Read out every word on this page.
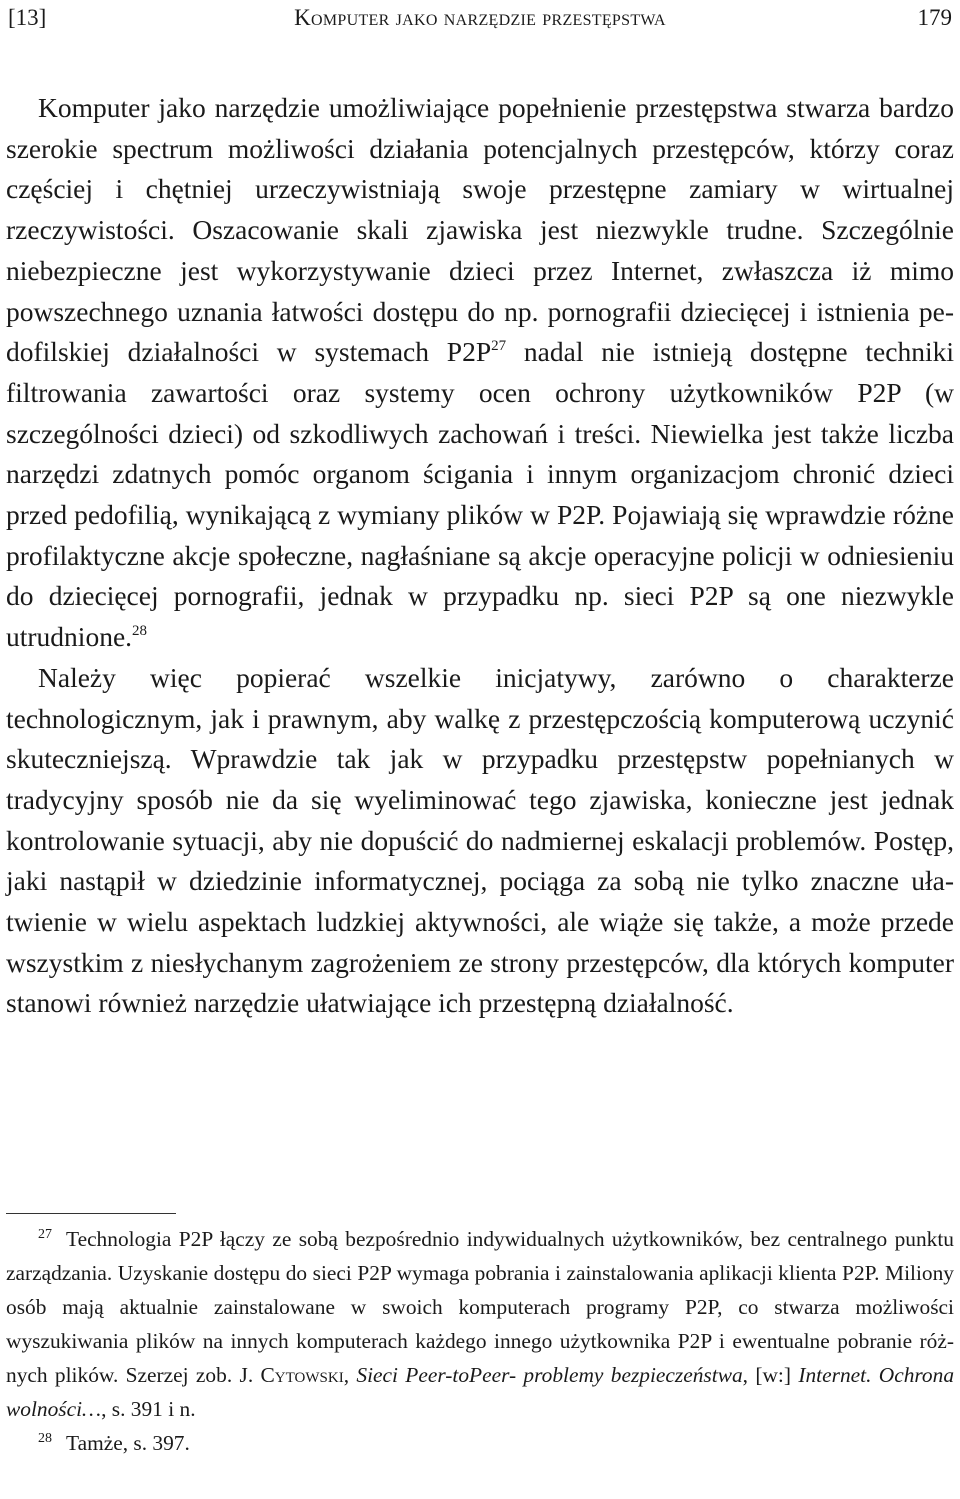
[13]	Komputer jako narzędzie przestępstwa	179

Komputer jako narzędzie umożliwiające popełnienie przestępstwa stwarza bardzo szerokie spectrum możliwości działania potencjalnych przestępców, którzy coraz częściej i chętniej urzeczywistniają swoje przestępne zamiary w wirtualnej rzeczywistości. Oszacowanie skali zjawiska jest niezwykle trudne. Szczególnie niebezpieczne jest wykorzystywanie dzieci przez Internet, zwłaszcza iż mimo powszechnego uznania łatwości dostępu do np. pornografii dziecięcej i istnienia pedofilskiej działalności w systemach $P2P^{27}$ nadal nie istnieją dostępne techniki filtrowania zawartości oraz systemy ocen ochrony użytkowników P2P (w szczególności dzieci) od szkodliwych zachowań i treści. Niewielka jest także liczba narzędzi zdatnych pomóc organom ścigania i innym organizacjom chronić dzieci przed pedofilią, wynikającą z wymiany plików w P2P. Pojawiają się wprawdzie różne profilaktyczne akcje społeczne, nagłaśniane są akcje operacyjne policji w odniesieniu do dziecięcej pornografii, jednak w przypadku np. sieci P2P są one niezwykle utrudnione.$^{28}$

Należy więc popierać wszelkie inicjatywy, zarówno o charakterze technologicznym, jak i prawnym, aby walkę z przestępczością komputerową uczynić skuteczniejszą. Wprawdzie tak jak w przypadku przestępstw popełnianych w tradycyjny sposób nie da się wyeliminować tego zjawiska, konieczne jest jednak kontrolowanie sytuacji, aby nie dopuścić do nadmiernej eskalacji problemów. Postęp, jaki nastąpił w dziedzinie informatycznej, pociąga za sobą nie tylko znaczne ułatwienie w wielu aspektach ludzkiej aktywności, ale wiąże się także, a może przede wszystkim z niesłychanym zagrożeniem ze strony przestępców, dla których komputer stanowi również narzędzie ułatwiające ich przestępną działalność.

$^{27}$ Technologia P2P łączy ze sobą bezpośrednio indywidualnych użytkowników, bez centralnego punktu zarządzania. Uzyskanie dostępu do sieci P2P wymaga pobrania i zainstalowania aplikacji klienta P2P. Miliony osób mają aktualnie zainstalowane w swoich komputerach programy P2P, co stwarza możliwości wyszukiwania plików na innych komputerach każdego innego użytkownika P2P i ewentualne pobranie różnych plików. Szerzej zob. J. Cytowski, Sieci Peer-toPeer- problemy bezpieczeństwa, [w:] Internet. Ochrona wolności…, s. 391 i n.

$^{28}$ Tamże, s. 397.
